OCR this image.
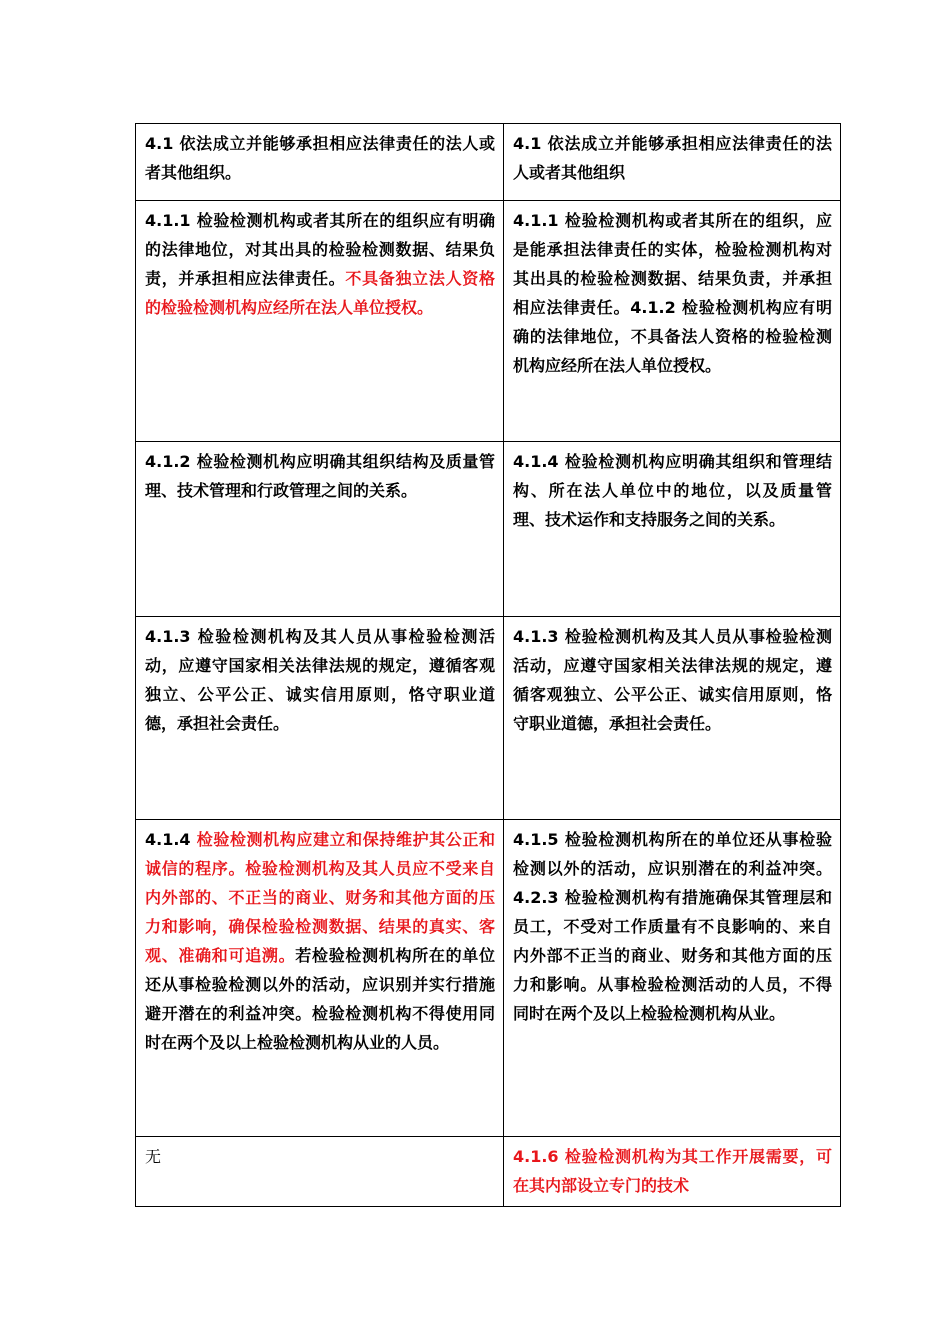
4.1 依法成立并能够承担相应法律责任的法人或者其他组织。	4.1 依法成立并能够承担相应法律责任的法人或者其他组织
4.1.1 检验检测机构或者其所在的组织应有明确的法律地位，对其出具的检验检测数据、结果负责，并承担相应法律责任。不具备独立法人资格的检验检测机构应经所在法人单位授权。	4.1.1 检验检测机构或者其所在的组织，应是能承担法律责任的实体，检验检测机构对其出具的检验检测数据、结果负责，并承担相应法律责任。4.1.2 检验检测机构应有明确的法律地位，不具备法人资格的检验检测机构应经所在法人单位授权。
4.1.2 检验检测机构应明确其组织结构及质量管理、技术管理和行政管理之间的关系。	4.1.4 检验检测机构应明确其组织和管理结构、所在法人单位中的地位，以及质量管理、技术运作和支持服务之间的关系。
4.1.3 检验检测机构及其人员从事检验检测活动，应遵守国家相关法律法规的规定，遵循客观独立、公平公正、诚实信用原则，恪守职业道德，承担社会责任。	4.1.3 检验检测机构及其人员从事检验检测活动，应遵守国家相关法律法规的规定，遵循客观独立、公平公正、诚实信用原则，恪守职业道德，承担社会责任。
4.1.4 检验检测机构应建立和保持维护其公正和诚信的程序。检验检测机构及其人员应不受来自内外部的、不正当的商业、财务和其他方面的压力和影响，确保检验检测数据、结果的真实、客观、准确和可追溯。若检验检测机构所在的单位还从事检验检测以外的活动，应识别并实行措施避开潜在的利益冲突。检验检测机构不得使用同时在两个及以上检验检测机构从业的人员。	4.1.5 检验检测机构所在的单位还从事检验检测以外的活动，应识别潜在的利益冲突。4.2.3 检验检测机构有措施确保其管理层和员工，不受对工作质量有不良影响的、来自内外部不正当的商业、财务和其他方面的压力和影响。从事检验检测活动的人员，不得同时在两个及以上检验检测机构从业。
无	4.1.6 检验检测机构为其工作开展需要，可在其内部设立专门的技术
